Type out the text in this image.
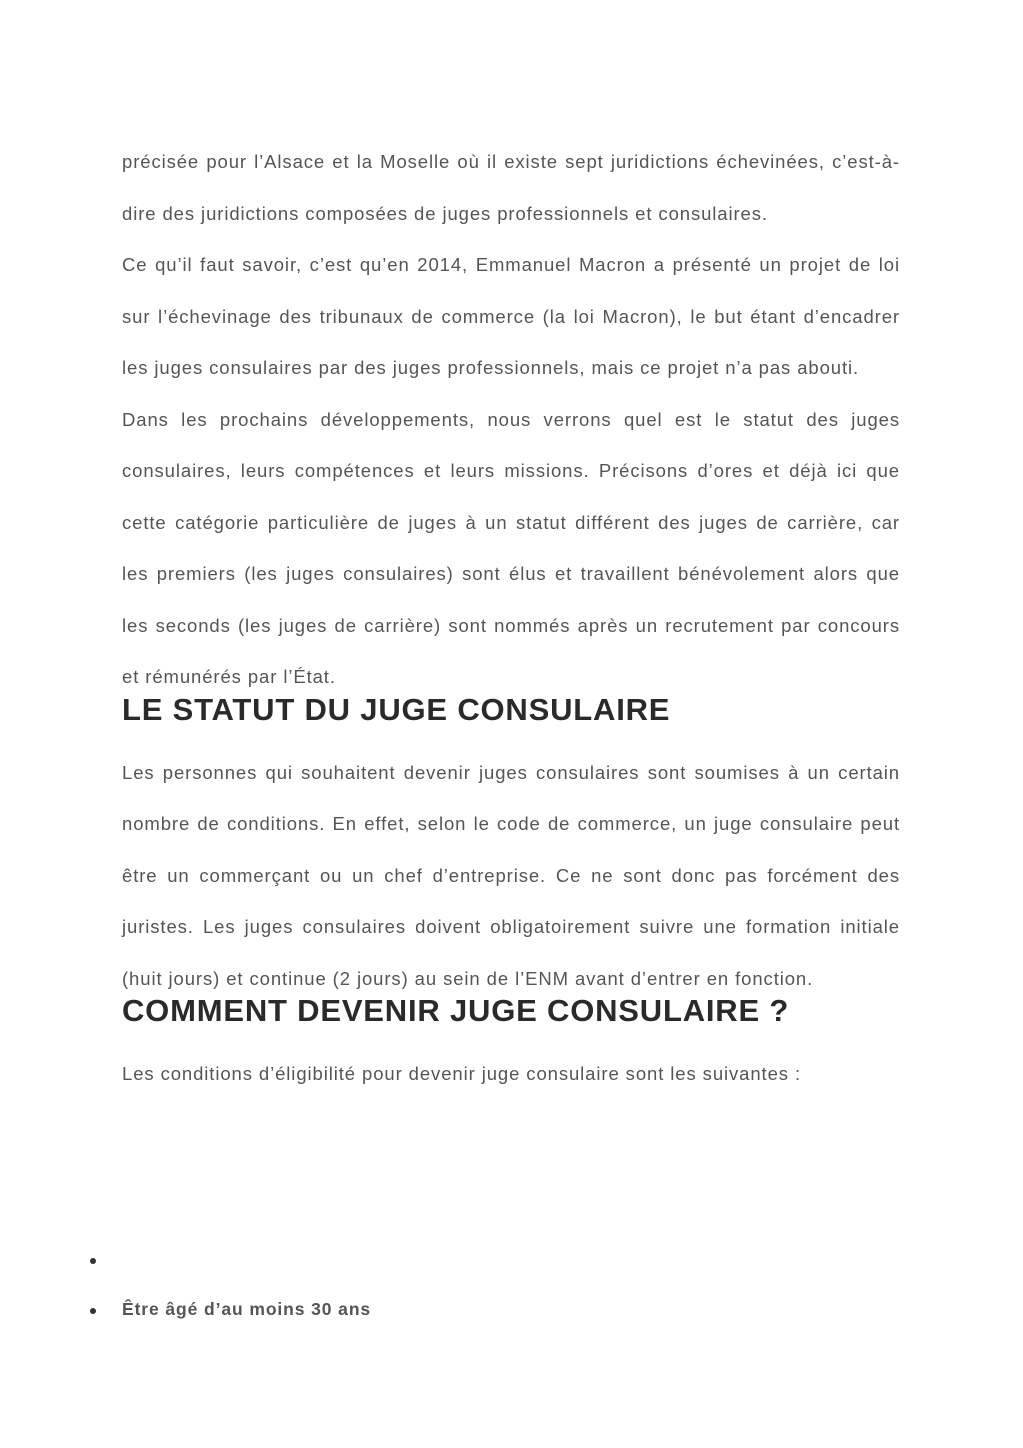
précisée pour l’Alsace et la Moselle où il existe sept juridictions échevinées, c’est-à-dire des juridictions composées de juges professionnels et consulaires.

Ce qu’il faut savoir, c’est qu’en 2014, Emmanuel Macron a présenté un projet de loi sur l’échevinage des tribunaux de commerce (la loi Macron), le but étant d’encadrer les juges consulaires par des juges professionnels, mais ce projet n’a pas abouti.

Dans les prochains développements, nous verrons quel est le statut des juges consulaires, leurs compétences et leurs missions. Précisons d’ores et déjà ici que cette catégorie particulière de juges à un statut différent des juges de carrière, car les premiers (les juges consulaires) sont élus et travaillent bénévolement alors que les seconds (les juges de carrière) sont nommés après un recrutement par concours et rémunérés par l’État.

LE STATUT DU JUGE CONSULAIRE

Les personnes qui souhaitent devenir juges consulaires sont soumises à un certain nombre de conditions. En effet, selon le code de commerce, un juge consulaire peut être un commerçant ou un chef d’entreprise. Ce ne sont donc pas forcément des juristes. Les juges consulaires doivent obligatoirement suivre une formation initiale (huit jours) et continue (2 jours) au sein de l’ENM avant d’entrer en fonction.

COMMENT DEVENIR JUGE CONSULAIRE ?

Les conditions d’éligibilité pour devenir juge consulaire sont les suivantes :

Être âgé d’au moins 30 ans
